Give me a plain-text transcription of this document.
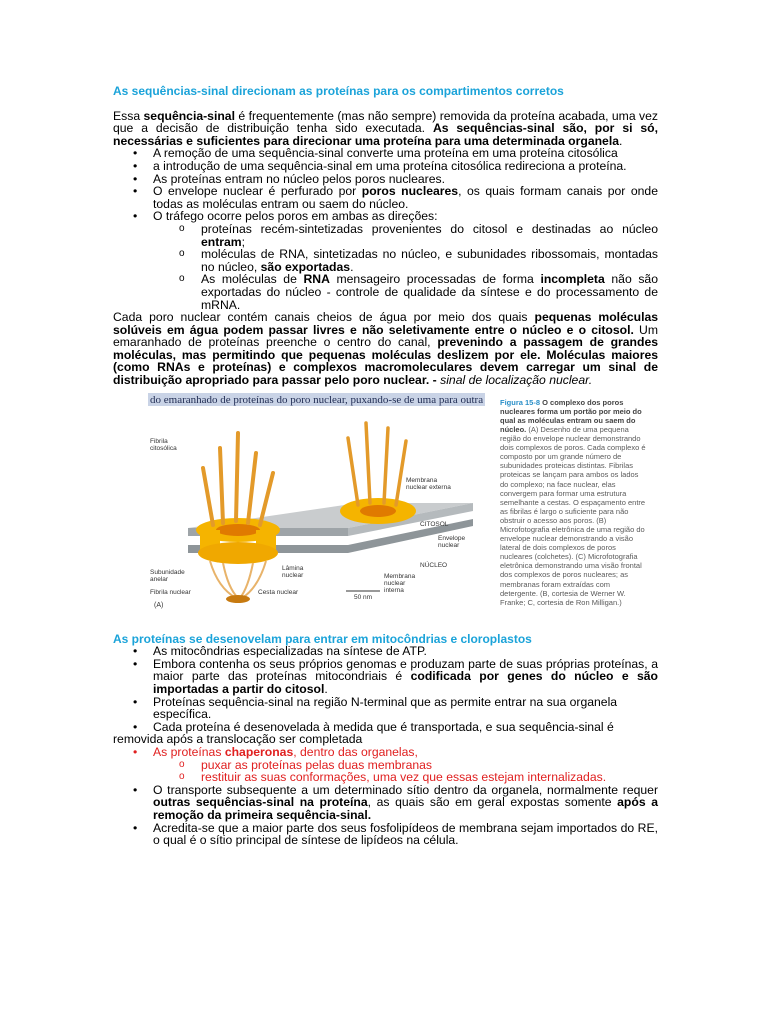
As sequências-sinal direcionam as proteínas para os compartimentos corretos

Essa sequência-sinal é frequentemente (mas não sempre) removida da proteína acabada, uma vez que a decisão de distribuição tenha sido executada. As sequências-sinal são, por si só, necessárias e suficientes para direcionar uma proteína para uma determinada organela.

• A remoção de uma sequência-sinal converte uma proteína em uma proteína citosólica
• a introdução de uma sequência-sinal em uma proteína citosólica redireciona a proteína.
• As proteínas entram no núcleo pelos poros nucleares.
• O envelope nuclear é perfurado por poros nucleares, os quais formam canais por onde todas as moléculas entram ou saem do núcleo.
• O tráfego ocorre pelos poros em ambas as direções:
o proteínas recém-sintetizadas provenientes do citosol e destinadas ao núcleo entram;
o moléculas de RNA, sintetizadas no núcleo, e subunidades ribossomais, montadas no núcleo, são exportadas.
o As moléculas de RNA mensageiro processadas de forma incompleta não são exportadas do núcleo - controle de qualidade da síntese e do processamento de mRNA.

Cada poro nuclear contém canais cheios de água por meio dos quais pequenas moléculas solúveis em água podem passar livres e não seletivamente entre o núcleo e o citosol. Um emaranhado de proteínas preenche o centro do canal, prevenindo a passagem de grandes moléculas, mas permitindo que pequenas moléculas deslizem por ele. Moléculas maiores (como RNAs e proteínas) e complexos macromoleculares devem carregar um sinal de distribuição apropriado para passar pelo poro nuclear. - sinal de localização nuclear.

do emaranhado de proteínas do poro nuclear, puxando-se de uma para outra
Fibrila
citosólica
Membrana
nuclear externa
CITOSOL
Envelope
nuclear
NÚCLEO
Subunidade
anelar
Lâmina
nuclear	Membrana
nuclear
interna
Fibrila nuclear	Cesta nuclear
50 nm
(A)
Figura 15-8 O complexo dos poros nucleares forma um portão por meio do qual as moléculas entram ou saem do núcleo. (A) Desenho de uma pequena região do envelope nuclear demonstrando dois complexos de poros. Cada complexo é composto por um grande número de subunidades proteicas distintas. Fibrilas proteicas se lançam para ambos os lados do complexo; na face nuclear, elas convergem para formar uma estrutura semelhante a cestas. O espaçamento entre as fibrilas é largo o suficiente para não obstruir o acesso aos poros. (B) Microfotografia eletrônica de uma região do envelope nuclear demonstrando a visão lateral de dois complexos de poros nucleares (colchetes). (C) Microfotografia eletrônica demonstrando uma visão frontal dos complexos de poros nucleares; as membranas foram extraídas com detergente. (B, cortesia de Werner W. Franke; C, cortesia de Ron Milligan.)
As proteínas se desenovelam para entrar em mitocôndrias e cloroplastos
• As mitocôndrias especializadas na síntese de ATP.
• Embora contenha os seus próprios genomas e produzam parte de suas próprias proteínas, a maior parte das proteínas mitocondriais é codificada por genes do núcleo e são importadas a partir do citosol.
• Proteínas sequência-sinal na região N-terminal que as permite entrar na sua organela específica.
• Cada proteína é desenovelada à medida que é transportada, e sua sequência-sinal é removida após a translocação ser completada
• As proteínas chaperonas, dentro das organelas,
o puxar as proteínas pelas duas membranas
o restituir as suas conformações, uma vez que essas estejam internalizadas.
• O transporte subsequente a um determinado sítio dentro da organela, normalmente requer outras sequências-sinal na proteína, as quais são em geral expostas somente após a remoção da primeira sequência-sinal.
• Acredita-se que a maior parte dos seus fosfolipídeos de membrana sejam importados do RE, o qual é o sítio principal de síntese de lipídeos na célula.
